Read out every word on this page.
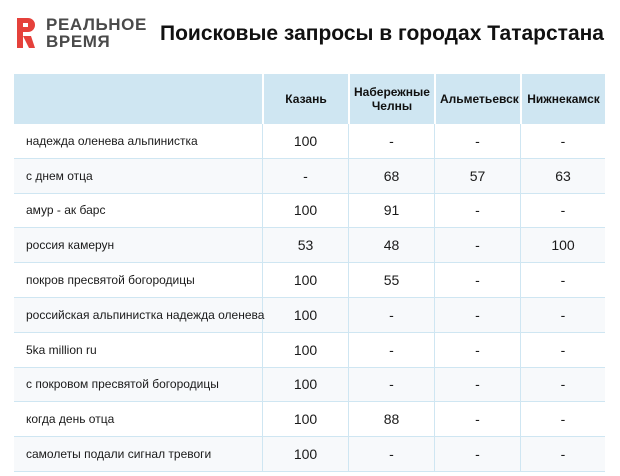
РЕАЛЬНОЕ
ВРЕМЯ	Поисковые запросы в городах Татарстана
	Казань	Набережные Челны	Альметьевск	Нижнекамск
надежда оленева альпинистка	100	-	-	-
с днем отца	-	68	57	63
амур - ак барс	100	91	-	-
россия камерун	53	48	-	100
покров пресвятой богородицы	100	55	-	-
российская альпинистка надежда оленева	100	-	-	-
5ka million ru	100	-	-	-
с покровом пресвятой богородицы	100	-	-	-
когда день отца	100	88	-	-
самолеты подали сигнал тревоги	100	-	-	-
